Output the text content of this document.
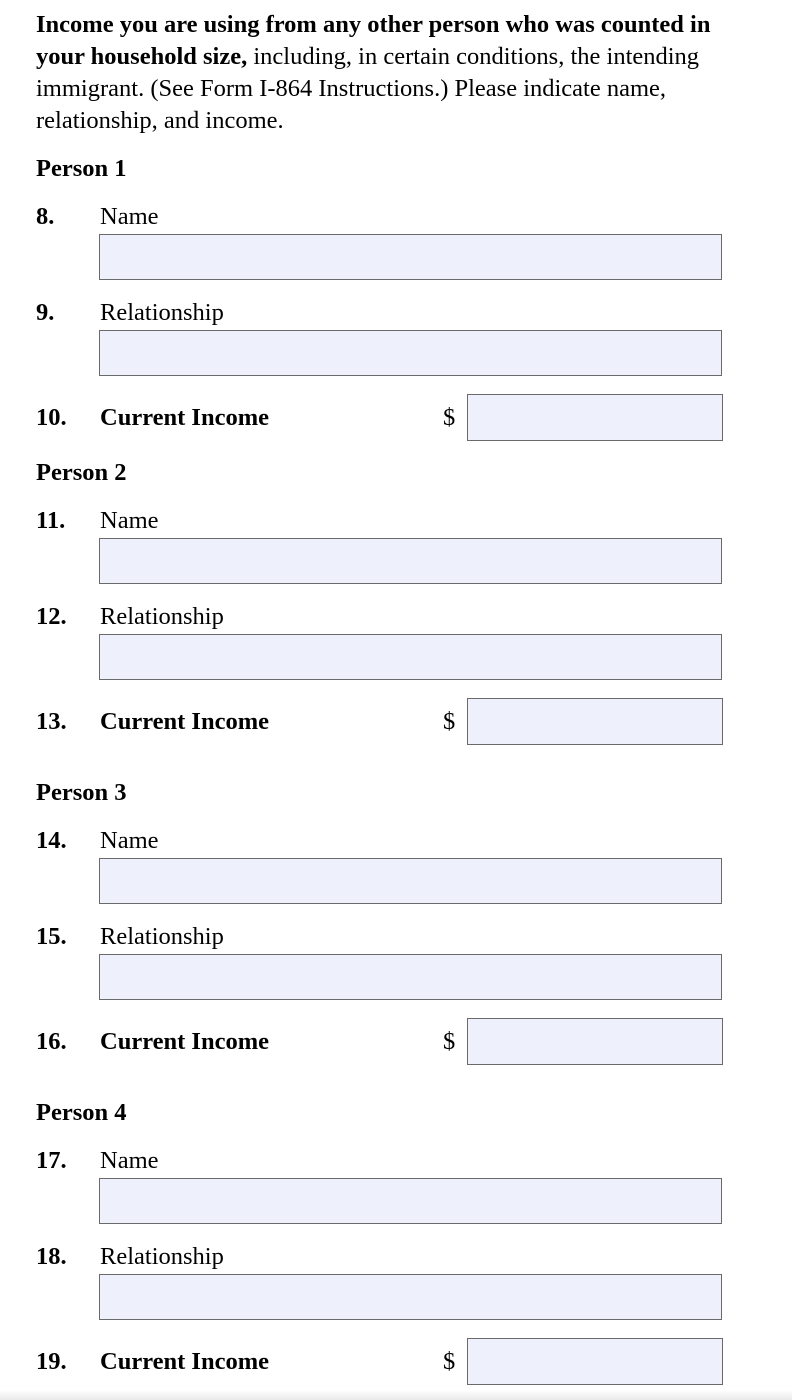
Income you are using from any other person who was counted in your household size, including, in certain conditions, the intending immigrant. (See Form I-864 Instructions.) Please indicate name, relationship, and income.

Person 1
8. Name
9. Relationship
10. Current Income	$
Person 2
11. Name
12. Relationship
13. Current Income	$
Person 3
14. Name
15. Relationship
16. Current Income	$
Person 4
17. Name
18. Relationship
19. Current Income	$
